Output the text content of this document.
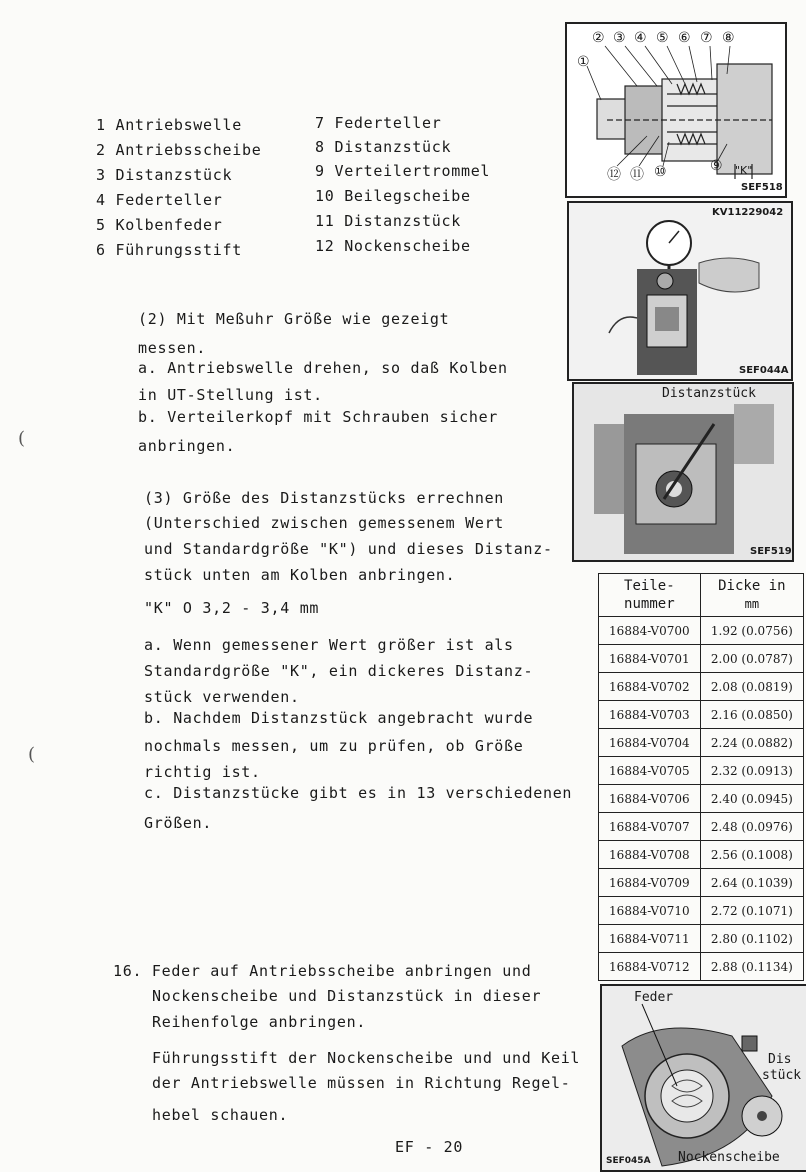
1 Antriebswelle
2 Antriebsscheibe
3 Distanzstück
4 Federteller
5 Kolbenfeder
6 Führungsstift
7 Federteller
8 Distanzstück
9 Verteilertrommel
10 Beilegscheibe
11 Distanzstück
12 Nockenscheibe
② ③ ④ ⑤ ⑥ ⑦ ⑧
①
⑫ ⑪ ⑩	⑨ "K"
SEF518
KV11229042
SEF044A
Distanzstück
SEF519
(2) Mit Meßuhr Größe wie gezeigt
messen.
a. Antriebswelle drehen, so daß Kolben
in UT-Stellung ist.
b. Verteilerkopf mit Schrauben sicher
anbringen.
(3) Größe des Distanzstücks errechnen
(Unterschied zwischen gemessenem Wert
und Standardgröße "K") und dieses Distanz-
stück unten am Kolben anbringen.
"K" O 3,2 - 3,4 mm
a. Wenn gemessener Wert größer ist als
Standardgröße "K", ein dickeres Distanz-
stück verwenden.
b. Nachdem Distanzstück angebracht wurde
nochmals messen, um zu prüfen, ob Größe
richtig ist.
c. Distanzstücke gibt es in 13 verschiedenen
Größen.
Teile-
nummer	Dicke in
mm
16884-V0700	1.92 (0.0756)
16884-V0701	2.00 (0.0787)
16884-V0702	2.08 (0.0819)
16884-V0703	2.16 (0.0850)
16884-V0704	2.24 (0.0882)
16884-V0705	2.32 (0.0913)
16884-V0706	2.40 (0.0945)
16884-V0707	2.48 (0.0976)
16884-V0708	2.56 (0.1008)
16884-V0709	2.64 (0.1039)
16884-V0710	2.72 (0.1071)
16884-V0711	2.80 (0.1102)
16884-V0712	2.88 (0.1134)
16. Feder auf Antriebsscheibe anbringen und
Nockenscheibe und Distanzstück in dieser
Reihenfolge anbringen.
Führungsstift der Nockenscheibe und und Keil
der Antriebswelle müssen in Richtung Regel-
hebel schauen.
Feder
Dis
stück
Nockenscheibe
SEF045A
(
(
EF - 20
